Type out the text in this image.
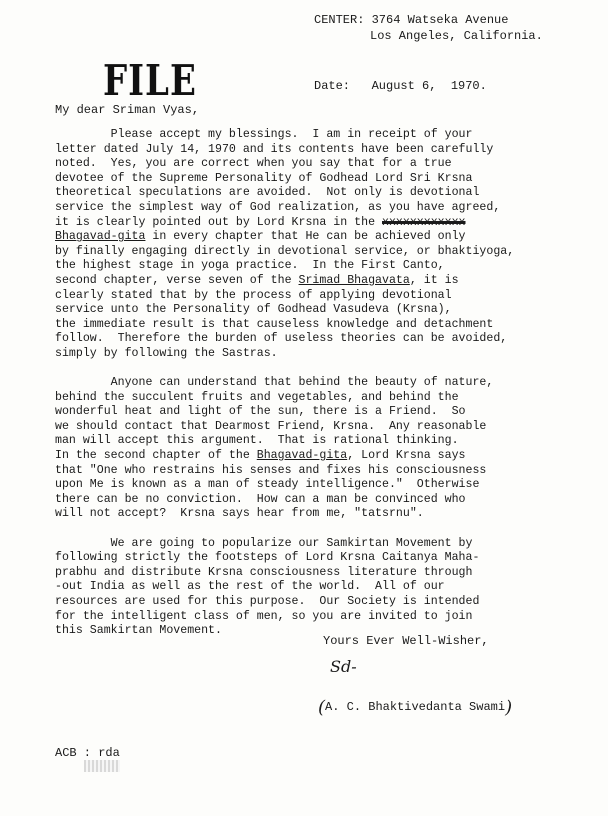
FILE
CENTER: 3764 Watseka Avenue
Los Angeles, California.
Date:   August 6,  1970.
My dear Sriman Vyas,
Please accept my blessings.  I am in receipt of your
letter dated July 14, 1970 and its contents have been carefully
noted.  Yes, you are correct when you say that for a true
devotee of the Supreme Personality of Godhead Lord Sri Krsna
theoretical speculations are avoided.  Not only is devotional
service the simplest way of God realization, as you have agreed,
it is clearly pointed out by Lord Krsna in the xxxxxxxxxxxx
Bhagavad-gita in every chapter that He can be achieved only
by finally engaging directly in devotional service, or bhaktiyoga,
the highest stage in yoga practice.  In the First Canto,
second chapter, verse seven of the Srimad Bhagavata, it is
clearly stated that by the process of applying devotional
service unto the Personality of Godhead Vasudeva (Krsna),
the immediate result is that causeless knowledge and detachment
follow.  Therefore the burden of useless theories can be avoided,
simply by following the Sastras.
Anyone can understand that behind the beauty of nature,
behind the succulent fruits and vegetables, and behind the
wonderful heat and light of the sun, there is a Friend.  So
we should contact that Dearmost Friend, Krsna.  Any reasonable
man will accept this argument.  That is rational thinking.
In the second chapter of the Bhagavad-gita, Lord Krsna says
that "One who restrains his senses and fixes his consciousness
upon Me is known as a man of steady intelligence."  Otherwise
there can be no conviction.  How can a man be convinced who
will not accept?  Krsna says hear from me, "tatsrnu".
We are going to popularize our Samkirtan Movement by
following strictly the footsteps of Lord Krsna Caitanya Maha-
prabhu and distribute Krsna consciousness literature through
-out India as well as the rest of the world.  All of our
resources are used for this purpose.  Our Society is intended
for the intelligent class of men, so you are invited to join
this Samkirtan Movement.
Yours Ever Well-Wisher,
Sd-
(A. C. Bhaktivedanta Swami)
ACB : rda
